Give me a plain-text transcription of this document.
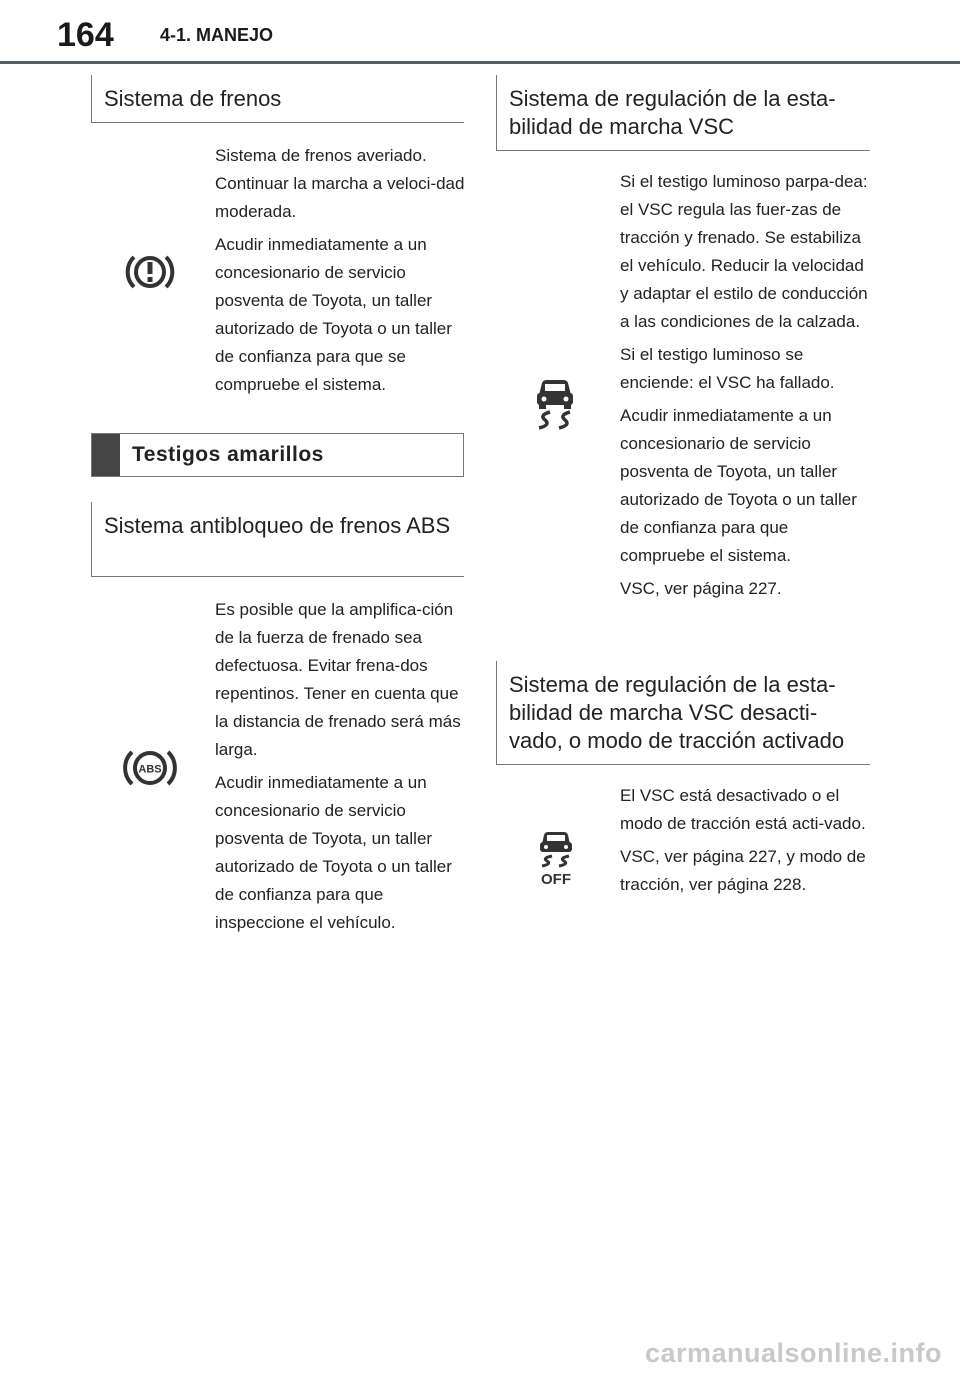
164	4-1. MANEJO
Sistema de frenos

Sistema de frenos averiado. Continuar la marcha a veloci-dad moderada.

Acudir inmediatamente a un concesionario de servicio posventa de Toyota, un taller autorizado de Toyota o un taller de confianza para que se compruebe el sistema.

Testigos amarillos
Sistema antibloqueo de frenos ABS
ABS

Es posible que la amplifica-ción de la fuerza de frenado sea defectuosa. Evitar frena-dos repentinos. Tener en cuenta que la distancia de frenado será más larga.

Acudir inmediatamente a un concesionario de servicio posventa de Toyota, un taller autorizado de Toyota o un taller de confianza para que inspeccione el vehículo.

Sistema de regulación de la esta-bilidad de marcha VSC

Si el testigo luminoso parpa-dea: el VSC regula las fuer-zas de tracción y frenado. Se estabiliza el vehículo. Reducir la velocidad y adaptar el estilo de conducción a las condiciones de la calzada.

Si el testigo luminoso se enciende: el VSC ha fallado.

Acudir inmediatamente a un concesionario de servicio posventa de Toyota, un taller autorizado de Toyota o un taller de confianza para que compruebe el sistema.

VSC, ver página 227.

Sistema de regulación de la esta-bilidad de marcha VSC desacti-vado, o modo de tracción activado
OFF

El VSC está desactivado o el modo de tracción está acti-vado.

VSC, ver página 227, y modo de tracción, ver página 228.

carmanualsonline.info
